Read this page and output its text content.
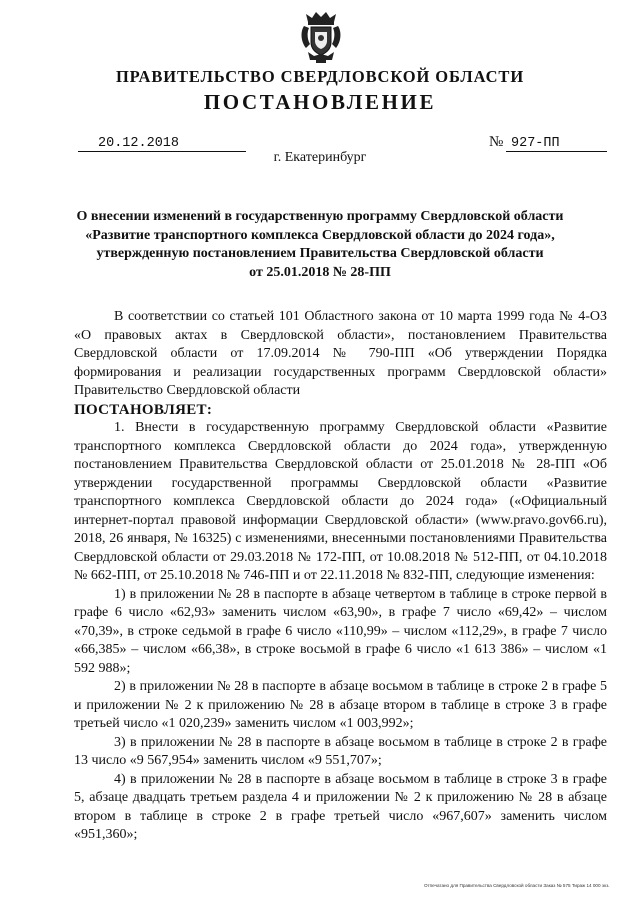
ПРАВИТЕЛЬСТВО СВЕРДЛОВСКОЙ ОБЛАСТИ
ПОСТАНОВЛЕНИЕ
20.12.2018	№ 927-ПП
г. Екатеринбург
О внесении изменений в государственную программу Свердловской области
«Развитие транспортного комплекса Свердловской области до 2024 года»,
утвержденную постановлением Правительства Свердловской области
от 25.01.2018 № 28-ПП

В соответствии со статьей 101 Областного закона от 10 марта 1999 года № 4-ОЗ «О правовых актах в Свердловской области», постановлением Правительства Свердловской области от 17.09.2014 № 790-ПП «Об утверждении Порядка формирования и реализации государственных программ Свердловской области» Правительство Свердловской области

ПОСТАНОВЛЯЕТ:

1. Внести в государственную программу Свердловской области «Развитие транспортного комплекса Свердловской области до 2024 года», утвержденную постановлением Правительства Свердловской области от 25.01.2018 № 28-ПП «Об утверждении государственной программы Свердловской области «Развитие транспортного комплекса Свердловской области до 2024 года» («Официальный интернет-портал правовой информации Свердловской области» (www.pravo.gov66.ru), 2018, 26 января, № 16325) с изменениями, внесенными постановлениями Правительства Свердловской области от 29.03.2018 № 172-ПП, от 10.08.2018 № 512-ПП, от 04.10.2018 № 662-ПП, от 25.10.2018 № 746-ПП и от 22.11.2018 № 832-ПП, следующие изменения:

1) в приложении № 28 в паспорте в абзаце четвертом в таблице в строке первой в графе 6 число «62,93» заменить числом «63,90», в графе 7 число «69,42» – числом «70,39», в строке седьмой в графе 6 число «110,99» – числом «112,29», в графе 7 число «66,385» – числом «66,38», в строке восьмой в графе 6 число «1 613 386» – числом «1 592 988»;

2) в приложении № 28 в паспорте в абзаце восьмом в таблице в строке 2 в графе 5 и приложении № 2 к приложению № 28 в абзаце втором в таблице в строке 3 в графе третьей число «1 020,239» заменить числом «1 003,992»;

3) в приложении № 28 в паспорте в абзаце восьмом в таблице в строке 2 в графе 13 число «9 567,954» заменить числом «9 551,707»;

4) в приложении № 28 в паспорте в абзаце восьмом в таблице в строке 3 в графе 5, абзаце двадцать третьем раздела 4 и приложении № 2 к приложению № 28 в абзаце втором в таблице в строке 2 в графе третьей число «967,607» заменить числом «951,360»;

Отпечатано для Правительства Свердловской области Заказ № 575 Тираж 14 000 экз.
